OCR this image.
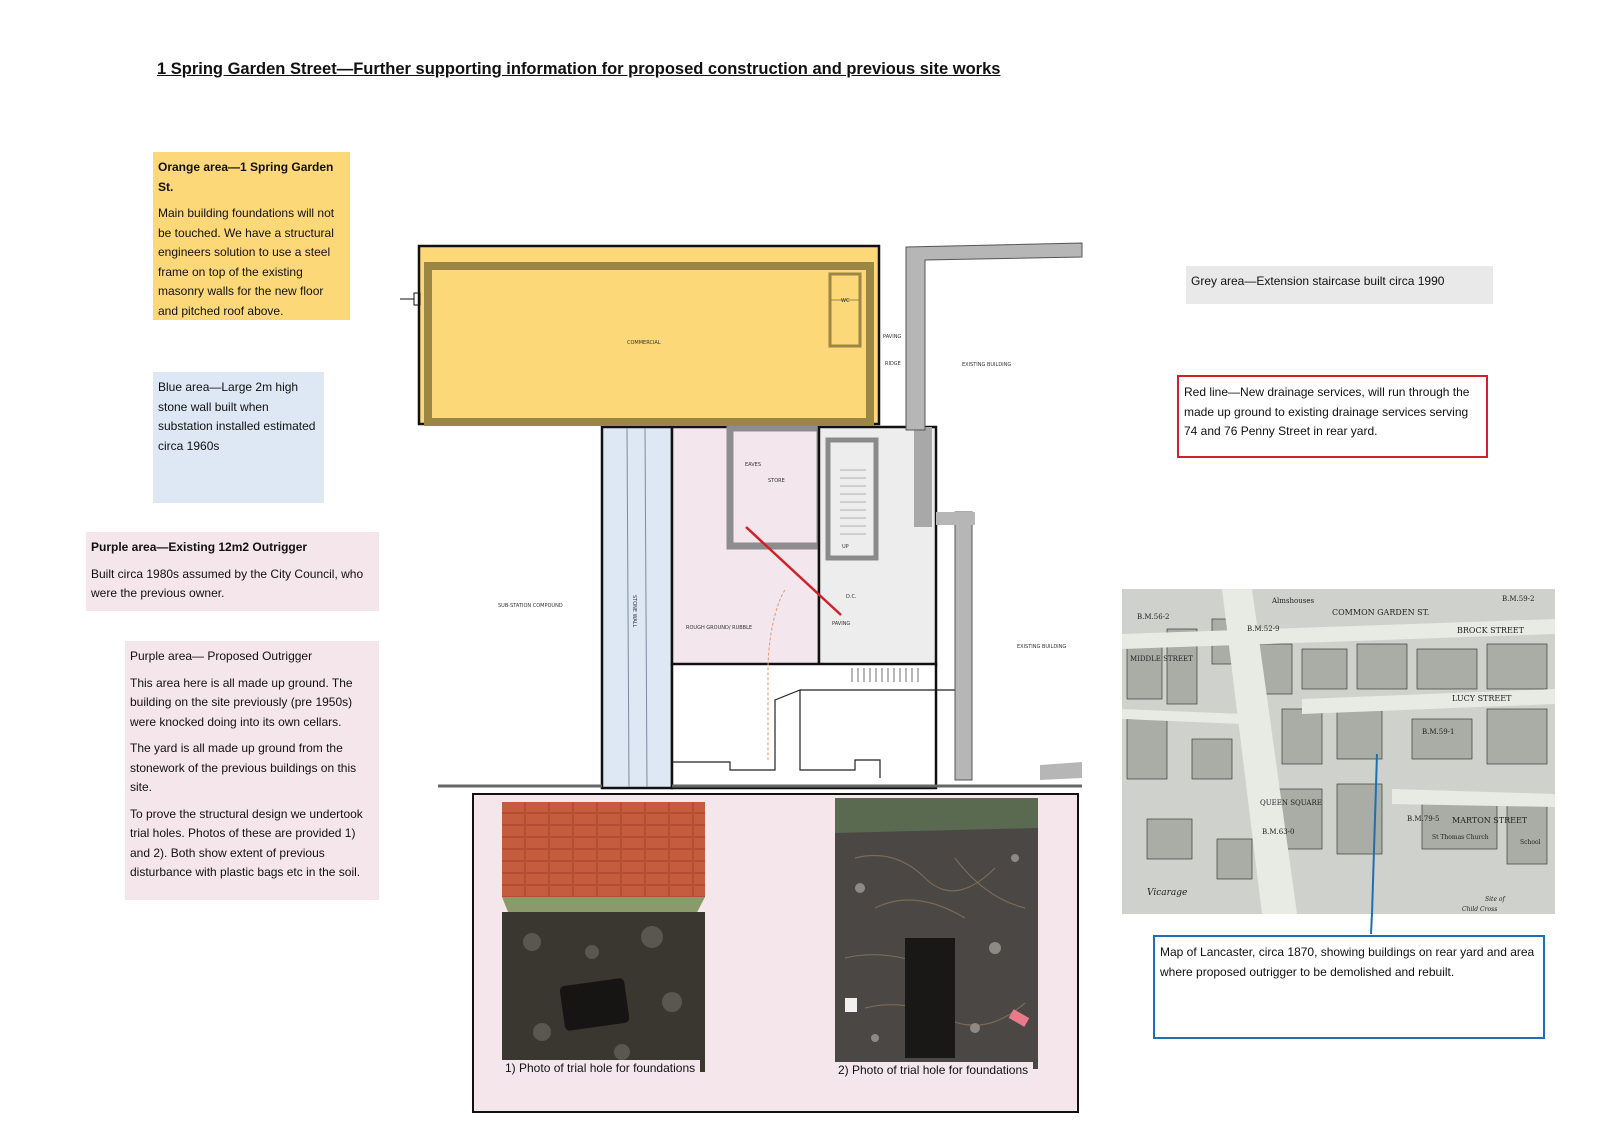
1 Spring Garden Street—Further supporting information for proposed construction and previous site works
STONE WALL
STORE
ROUGH GROUND/ RUBBLE
EAVES
UP
PAVING
D.C.
EXISTING BUILDING
EXISTING BUILDING
PAVING
SUB-STATION COMPOUND
RIDGE
COMMERCIAL
WC
Orange area—1 Spring Garden St.

Main building foundations will not be touched. We have a structural engineers solution to use a steel frame on top of the existing masonry walls for the new floor and pitched roof above.

Blue area—Large 2m high stone wall built when substation installed estimated circa 1960s

Purple area—Existing 12m2 Outrigger

Built circa 1980s assumed by the City Council, who were the previous owner.

Purple area— Proposed Outrigger

This area here is all made up ground. The building on the site previously (pre 1950s) were knocked doing into its own cellars.

The yard is all made up ground from the stonework of the previous buildings on this site.

To prove the structural design we undertook trial holes. Photos of these are provided 1) and 2). Both show extent of previous disturbance with plastic bags etc in the soil.

Grey area—Extension staircase built circa 1990

Red line—New drainage services, will run through the made up ground to existing drainage services serving 74 and 76 Penny Street in rear yard.

Almshouses
COMMON GARDEN ST.
BROCK STREET
LUCY STREET
MARTON STREET
QUEEN SQUARE
Vicarage
MIDDLE STREET
B.M.56-2
B.M.52-9
B.M.59-1
B.M.63-0
B.M.79-5
B.M.59-2
St Thomas Church
School
Site of
Child Cross

Map of Lancaster, circa 1870, showing buildings on rear yard and area where proposed outrigger to be demolished and rebuilt.

1) Photo of trial hole for foundations	2) Photo of trial hole for foundations
